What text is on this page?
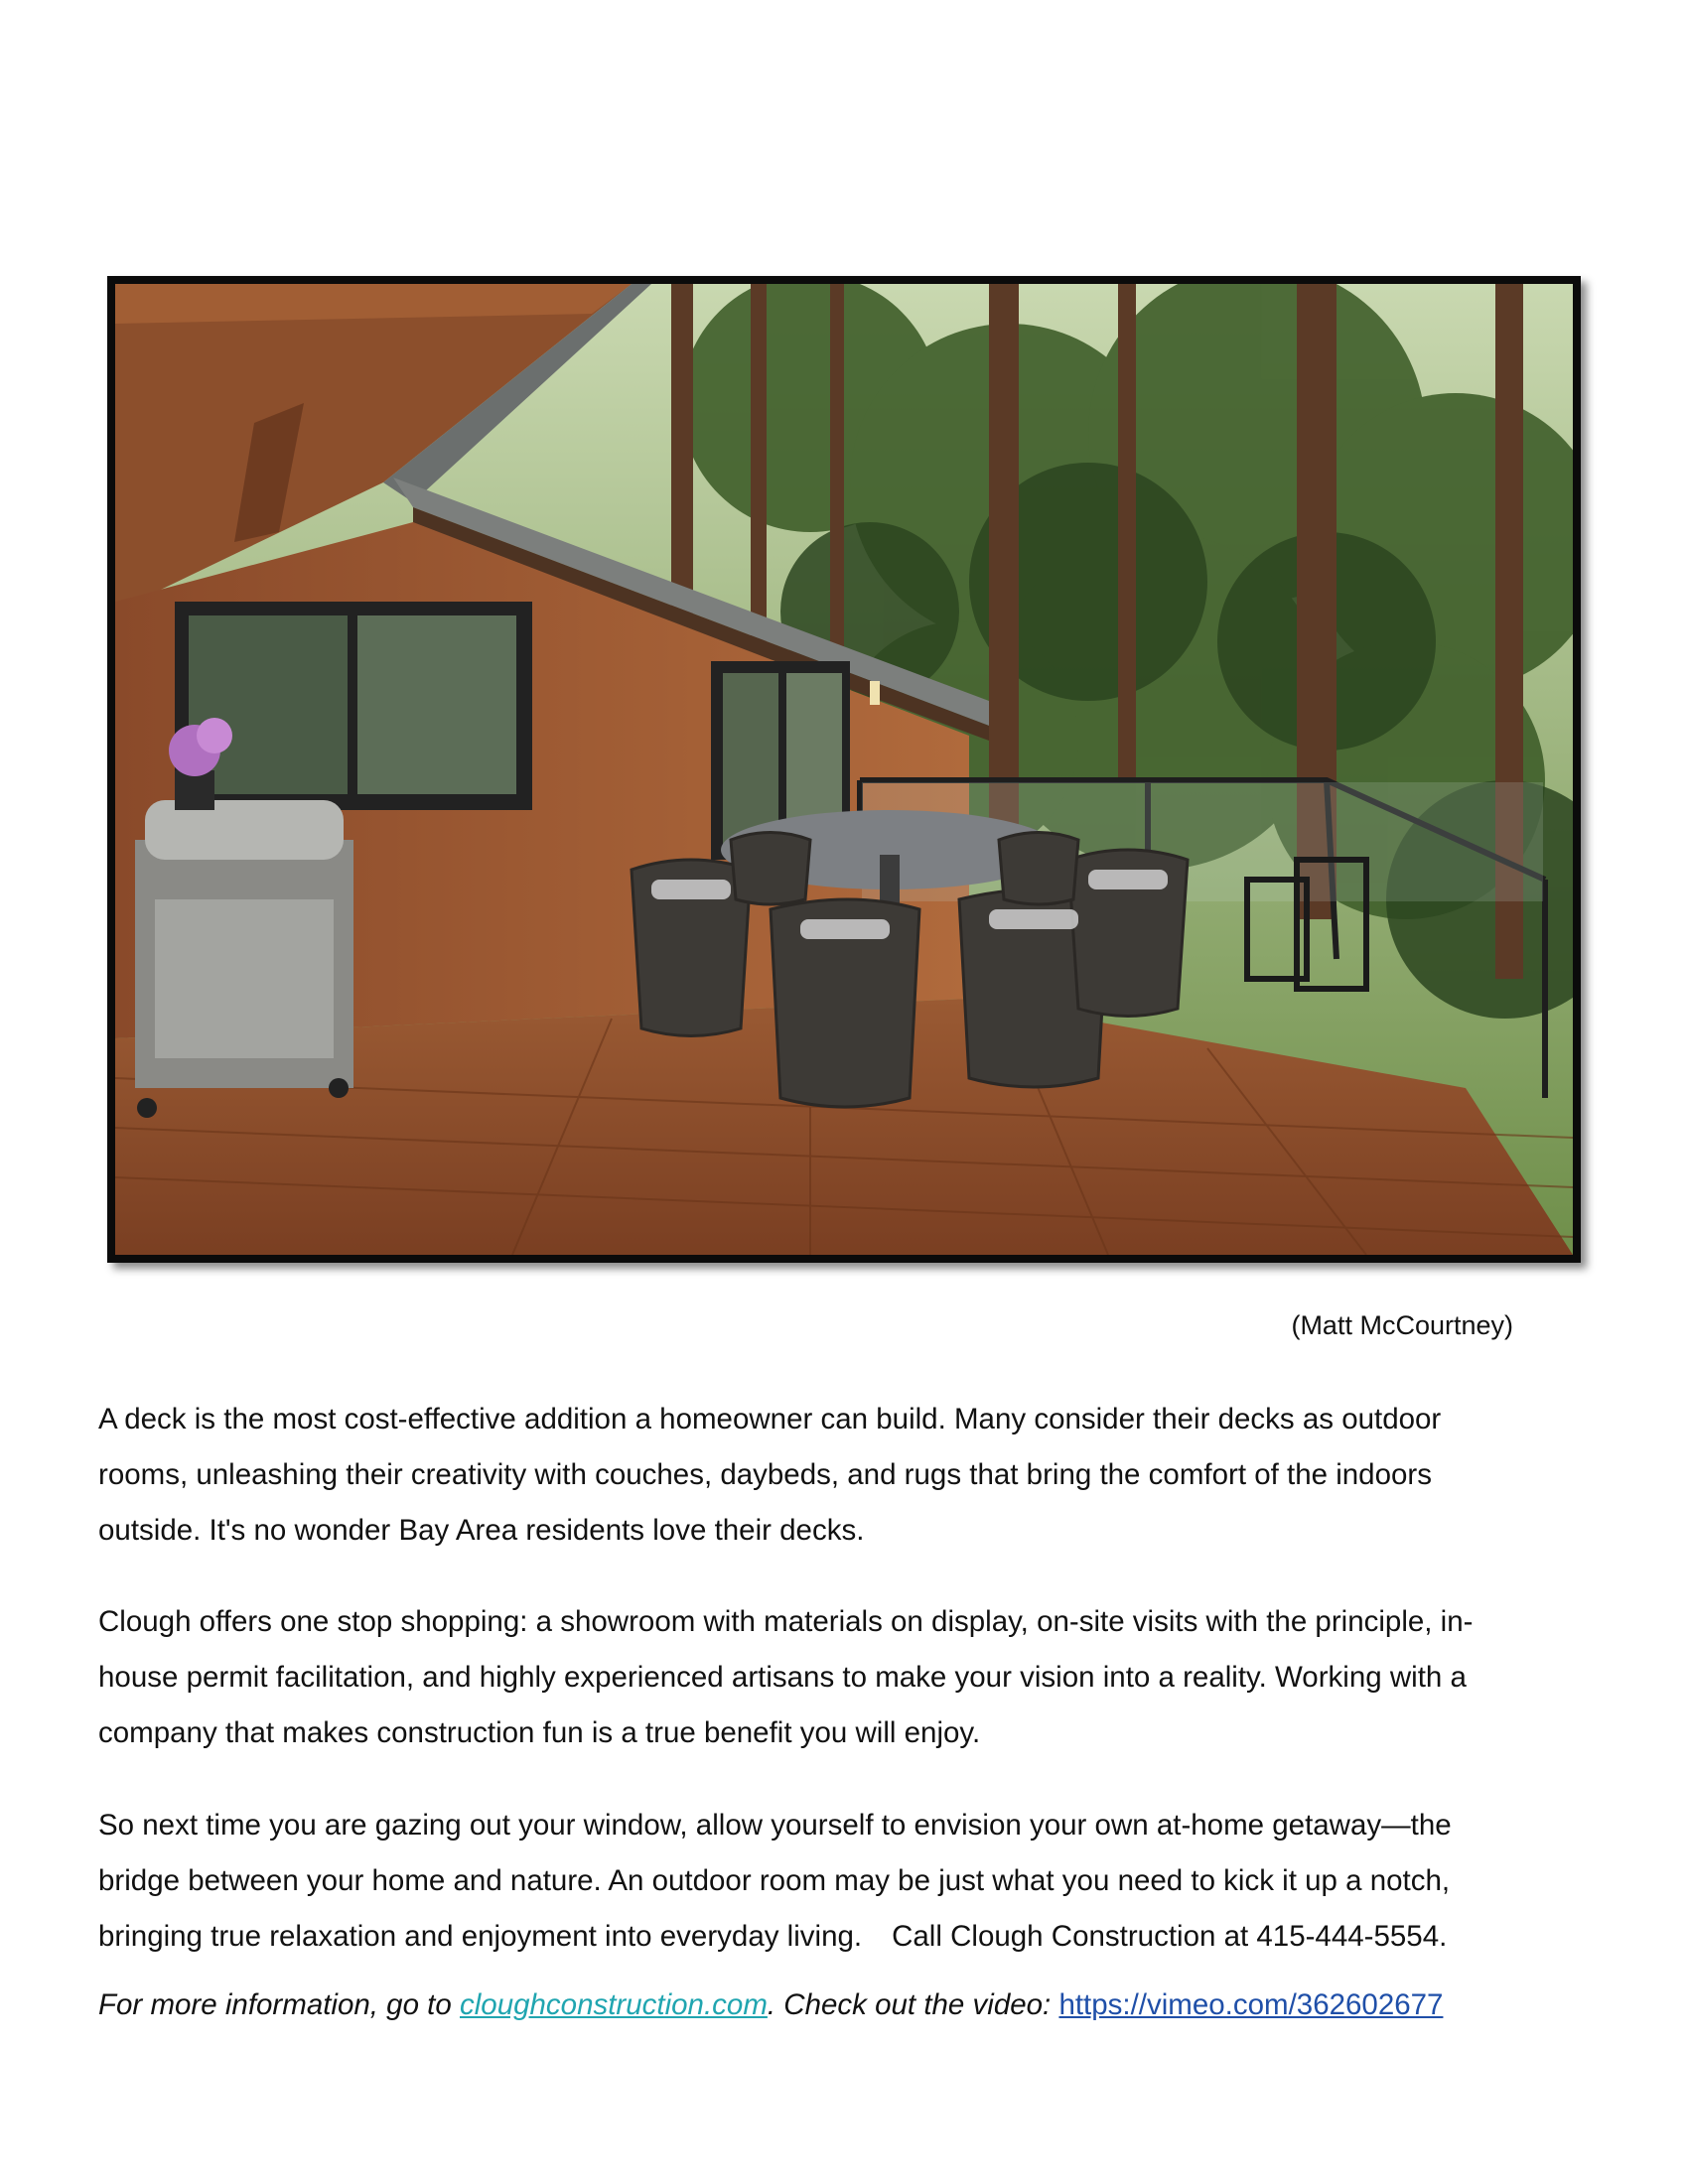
(Matt McCourtney)

A deck is the most cost-effective addition a homeowner can build. Many consider their decks as outdoor rooms, unleashing their creativity with couches, daybeds, and rugs that bring the comfort of the indoors outside. It's no wonder Bay Area residents love their decks.

Clough offers one stop shopping: a showroom with materials on display, on-site visits with the principle, in-house permit facilitation, and highly experienced artisans to make your vision into a reality. Working with a company that makes construction fun is a true benefit you will enjoy.

So next time you are gazing out your window, allow yourself to envision your own at-home getaway—the bridge between your home and nature. An outdoor room may be just what you need to kick it up a notch, bringing true relaxation and enjoyment into everyday living. Call Clough Construction at 415-444-5554.

For more information, go to cloughconstruction.com. Check out the video: https://vimeo.com/362602677
